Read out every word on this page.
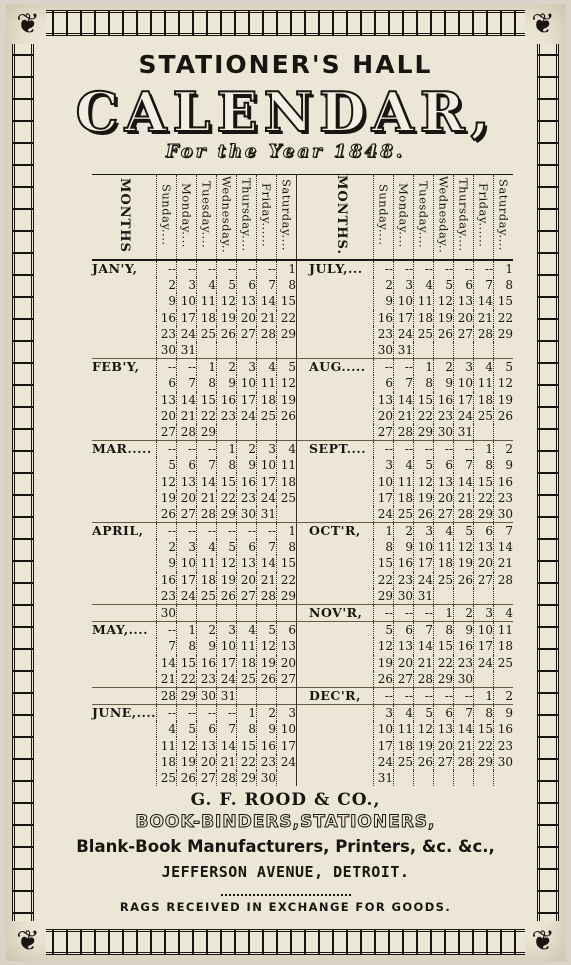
❦	❦
❦	❦
STATIONER'S HALL
CALENDAR,
For the Year 1848.
MONTHS	Sunday....	Monday....	Tuesday....	Wednesday..	Thursday....	Friday......	Saturday....		MONTHS.	Sunday....	Monday....	Tuesday....	Wednesday..	Thursday....	Friday......	Saturday....
JAN'Y,	--	--	--	--	--	--	1		JULY,...	--	--	--	--	--	--	1
	2	3	4	5	6	7	8			2	3	4	5	6	7	8
	9	10	11	12	13	14	15			9	10	11	12	13	14	15
	16	17	18	19	20	21	22			16	17	18	19	20	21	22
	23	24	25	26	27	28	29			23	24	25	26	27	28	29
	30	31								30	31					
FEB'Y,	--	--	1	2	3	4	5		AUG.....	--	--	1	2	3	4	5
	6	7	8	9	10	11	12			6	7	8	9	10	11	12
	13	14	15	16	17	18	19			13	14	15	16	17	18	19
	20	21	22	23	24	25	26			20	21	22	23	24	25	26
	27	28	29							27	28	29	30	31		
MAR.....	--	--	--	1	2	3	4		SEPT....	--	--	--	--	--	1	2
	5	6	7	8	9	10	11			3	4	5	6	7	8	9
	12	13	14	15	16	17	18			10	11	12	13	14	15	16
	19	20	21	22	23	24	25			17	18	19	20	21	22	23
	26	27	28	29	30	31				24	25	26	27	28	29	30
APRIL,	--	--	--	--	--	--	1		OCT'R,	1	2	3	4	5	6	7
	2	3	4	5	6	7	8			8	9	10	11	12	13	14
	9	10	11	12	13	14	15			15	16	17	18	19	20	21
	16	17	18	19	20	21	22			22	23	24	25	26	27	28
	23	24	25	26	27	28	29			29	30	31				
	30								NOV'R,	--	--	--	1	2	3	4
MAY,....	--	1	2	3	4	5	6			5	6	7	8	9	10	11
	7	8	9	10	11	12	13			12	13	14	15	16	17	18
	14	15	16	17	18	19	20			19	20	21	22	23	24	25
	21	22	23	24	25	26	27			26	27	28	29	30		
	28	29	30	31					DEC'R,	--	--	--	--	--	1	2
JUNE,....	--	--	--	--	1	2	3			3	4	5	6	7	8	9
	4	5	6	7	8	9	10			10	11	12	13	14	15	16
	11	12	13	14	15	16	17			17	18	19	20	21	22	23
	18	19	20	21	22	23	24			24	25	26	27	28	29	30
	25	26	27	28	29	30				31						
G. F. ROOD & CO.,
BOOK-BINDERS,STATIONERS,
Blank-Book Manufacturers, Printers, &c. &c.,
JEFFERSON AVENUE, DETROIT.
RAGS RECEIVED IN EXCHANGE FOR GOODS.
